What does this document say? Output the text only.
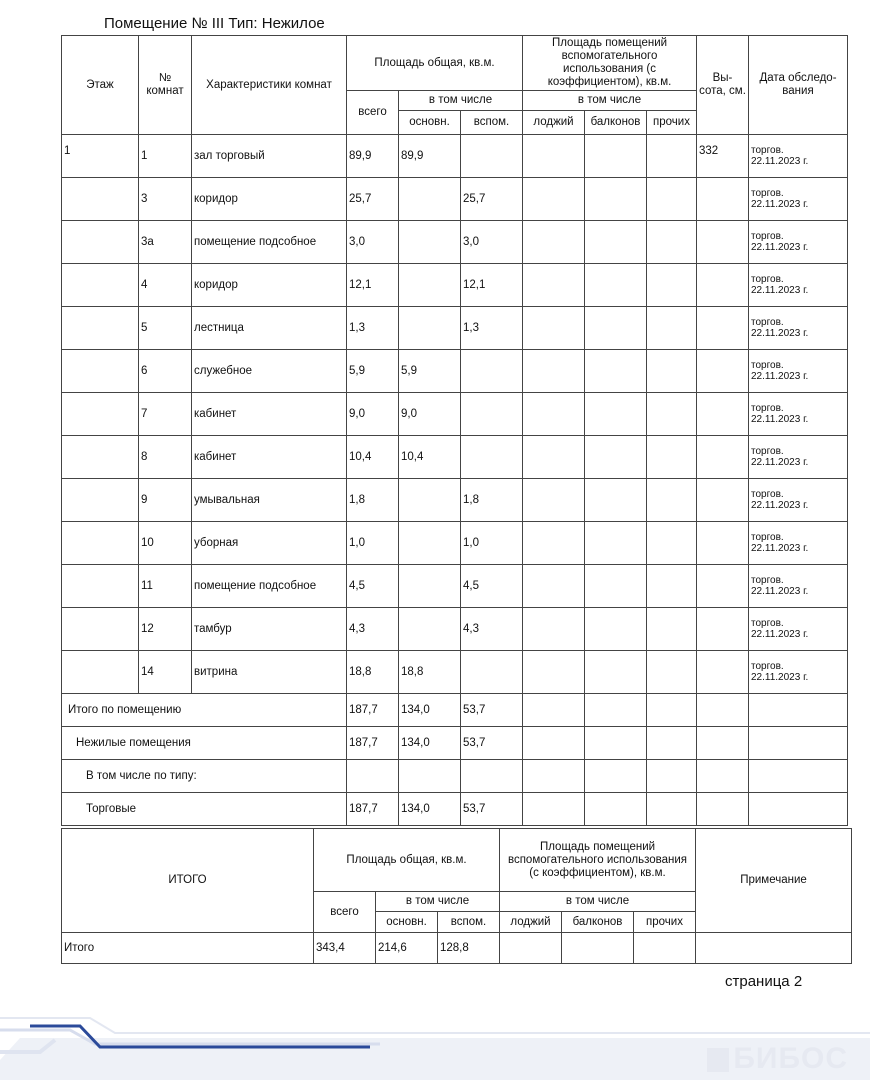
Помещение № III Тип: Нежилое
Этаж	№ комнат	Характеристики комнат	Площадь общая, кв.м.			Площадь помещений вспомогательного использования (с коэффициентом), кв.м.			Вы- сота, см.	Дата обследо- вания
			всего	в том числе		в том числе				
				основн.	вспом.	лоджий	балконов	прочих		
1	1	зал торговый	89,9	89,9					332	торгов.
22.11.2023 г.

	3	коридор	25,7		25,7					торгов.
22.11.2023 г.

	3а	помещение подсобное	3,0		3,0					торгов.
22.11.2023 г.

	4	коридор	12,1		12,1					торгов.
22.11.2023 г.

	5	лестница	1,3		1,3					торгов.
22.11.2023 г.

	6	служебное	5,9	5,9						торгов.
22.11.2023 г.

	7	кабинет	9,0	9,0						торгов.
22.11.2023 г.

	8	кабинет	10,4	10,4						торгов.
22.11.2023 г.

	9	умывальная	1,8		1,8					торгов.
22.11.2023 г.

	10	уборная	1,0		1,0					торгов.
22.11.2023 г.

	11	помещение подсобное	4,5		4,5					торгов.
22.11.2023 г.

	12	тамбур	4,3		4,3					торгов.
22.11.2023 г.

	14	витрина	18,8	18,8						торгов.
22.11.2023 г.

Итого по помещению			187,7	134,0	53,7					
Нежилые помещения			187,7	134,0	53,7					
В том числе по типу:										
Торговые			187,7	134,0	53,7					
ИТОГО	Площадь общая, кв.м.			Площадь помещений вспомогательного использования (с коэффициентом), кв.м.			Примечание
	всего	в том числе		в том числе			
		основн.	вспом.	лоджий	балконов	прочих	
Итого	343,4	214,6	128,8				
страница 2
БИБОС
